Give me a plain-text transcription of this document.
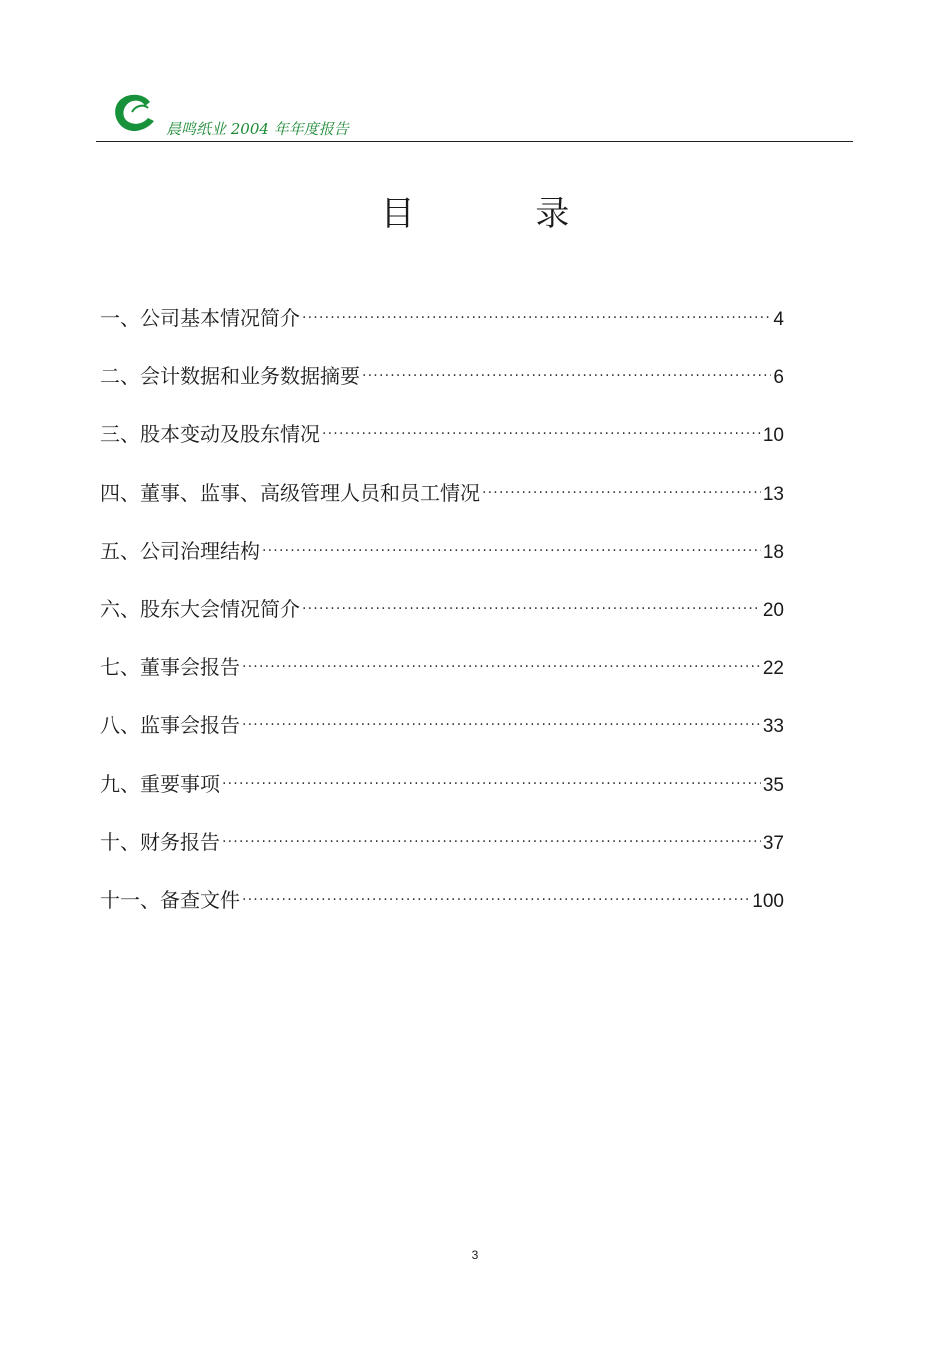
晨鸣纸业 2004 年年度报告
目	录
一、公司基本情况简介 ·····	4
二、会计数据和业务数据摘要 ·····	6
三、股本变动及股东情况 ·····	10
四、董事、监事、高级管理人员和员工情况 ·····	13
五、公司治理结构 ·····	18
六、股东大会情况简介 ·····	20
七、董事会报告 ·····	22
八、监事会报告 ·····	33
九、重要事项 ·····	35
十、财务报告 ·····	37
十一、备查文件 ·····	100
3
